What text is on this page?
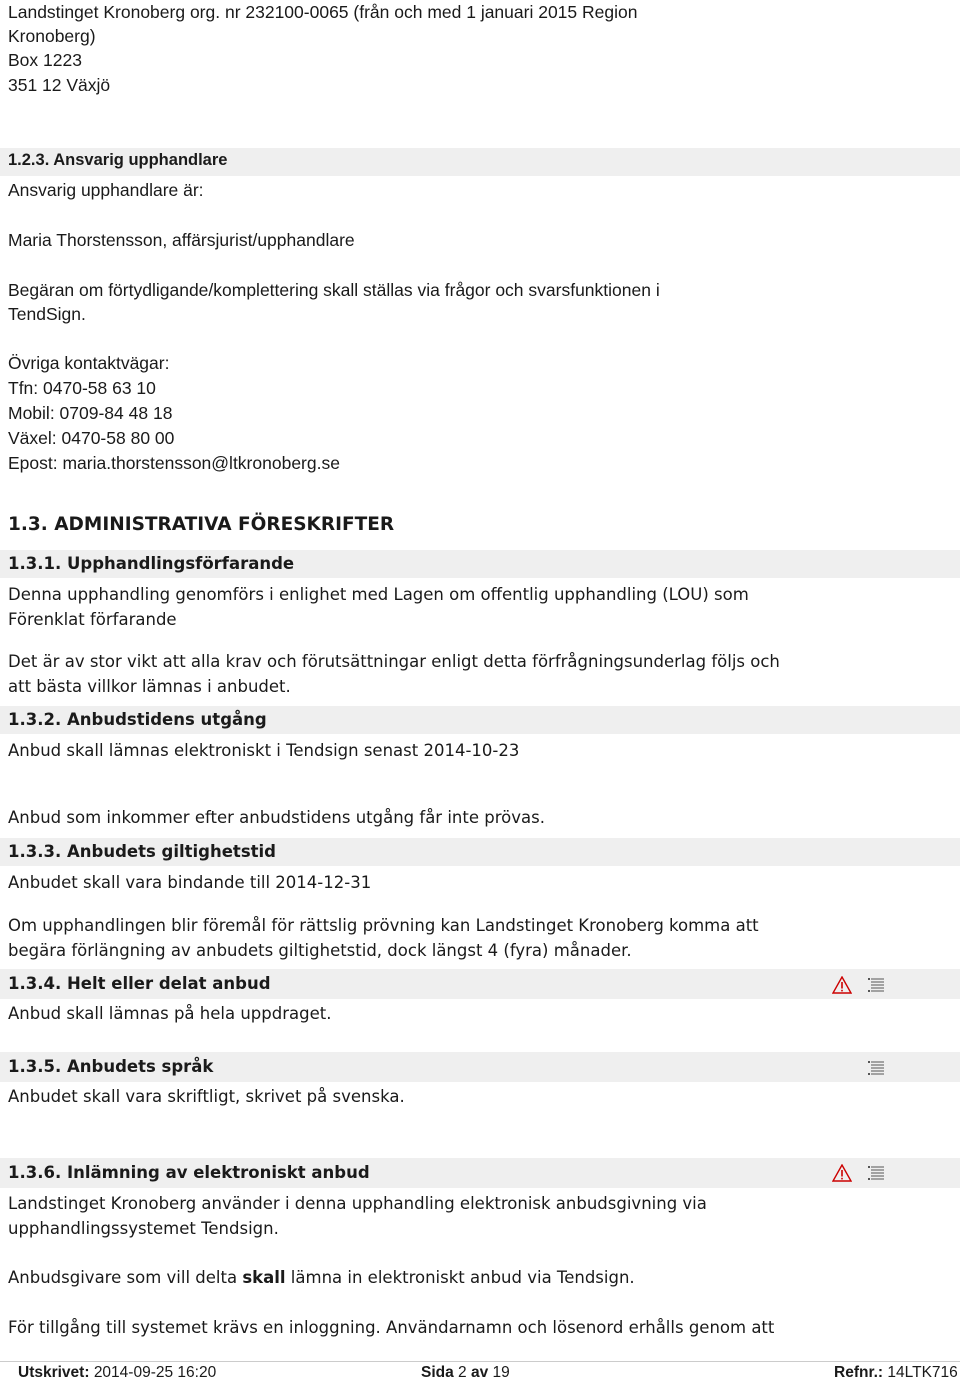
Landstinget Kronoberg org. nr 232100-0065 (från och med 1 januari 2015 Region
Kronoberg)
Box 1223
351 12 Växjö
1.2.3. Ansvarig upphandlare
Ansvarig upphandlare är:
Maria Thorstensson, affärsjurist/upphandlare
Begäran om förtydligande/komplettering skall ställas via frågor och svarsfunktionen i
TendSign.
Övriga kontaktvägar:
Tfn: 0470-58 63 10
Mobil: 0709-84 48 18
Växel: 0470-58 80 00
Epost: maria.thorstensson@ltkronoberg.se
1.3. ADMINISTRATIVA FÖRESKRIFTER
1.3.1. Upphandlingsförfarande
Denna upphandling genomförs i enlighet med Lagen om offentlig upphandling (LOU) som
Förenklat förfarande
Det är av stor vikt att alla krav och förutsättningar enligt detta förfrågningsunderlag följs och
att bästa villkor lämnas i anbudet.
1.3.2. Anbudstidens utgång
Anbud skall lämnas elektroniskt i Tendsign senast 2014-10-23
Anbud som inkommer efter anbudstidens utgång får inte prövas.
1.3.3. Anbudets giltighetstid
Anbudet skall vara bindande till 2014-12-31
Om upphandlingen blir föremål för rättslig prövning kan Landstinget Kronoberg komma att
begära förlängning av anbudets giltighetstid, dock längst 4 (fyra) månader.
1.3.4. Helt eller delat anbud
Anbud skall lämnas på hela uppdraget.
1.3.5. Anbudets språk
Anbudet skall vara skriftligt, skrivet på svenska.
1.3.6. Inlämning av elektroniskt anbud
Landstinget Kronoberg använder i denna upphandling elektronisk anbudsgivning via
upphandlingssystemet Tendsign.
Anbudsgivare som vill delta skall lämna in elektroniskt anbud via Tendsign.
För tillgång till systemet krävs en inloggning. Användarnamn och lösenord erhålls genom att
Utskrivet: 2014-09-25 16:20	Sida 2 av 19	Refnr.: 14LTK716
